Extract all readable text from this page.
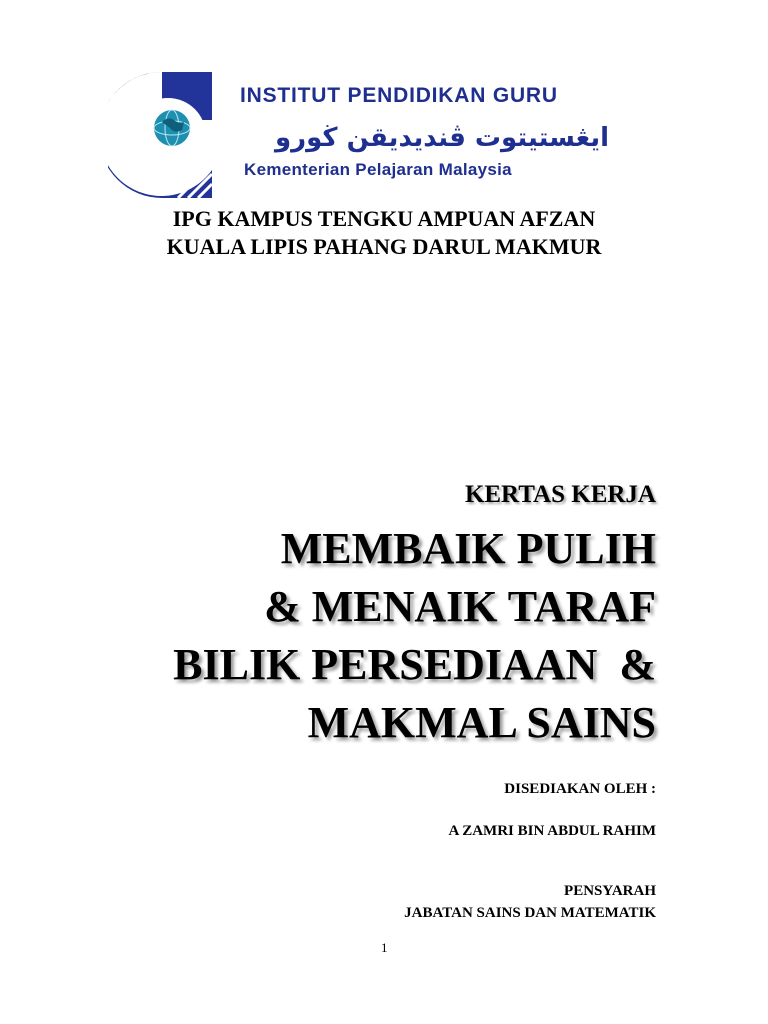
iPG
INSTITUT PENDIDIKAN GURU
ايڠستيتوت ڤنديديقن ڬورو
Kementerian Pelajaran Malaysia
IPG KAMPUS TENGKU AMPUAN AFZAN
KUALA LIPIS PAHANG DARUL MAKMUR
KERTAS KERJA
MEMBAIK PULIH
& MENAIK TARAF
BILIK PERSEDIAAN  &
MAKMAL SAINS
DISEDIAKAN OLEH :
A ZAMRI BIN ABDUL RAHIM
PENSYARAH
JABATAN SAINS DAN MATEMATIK
1
